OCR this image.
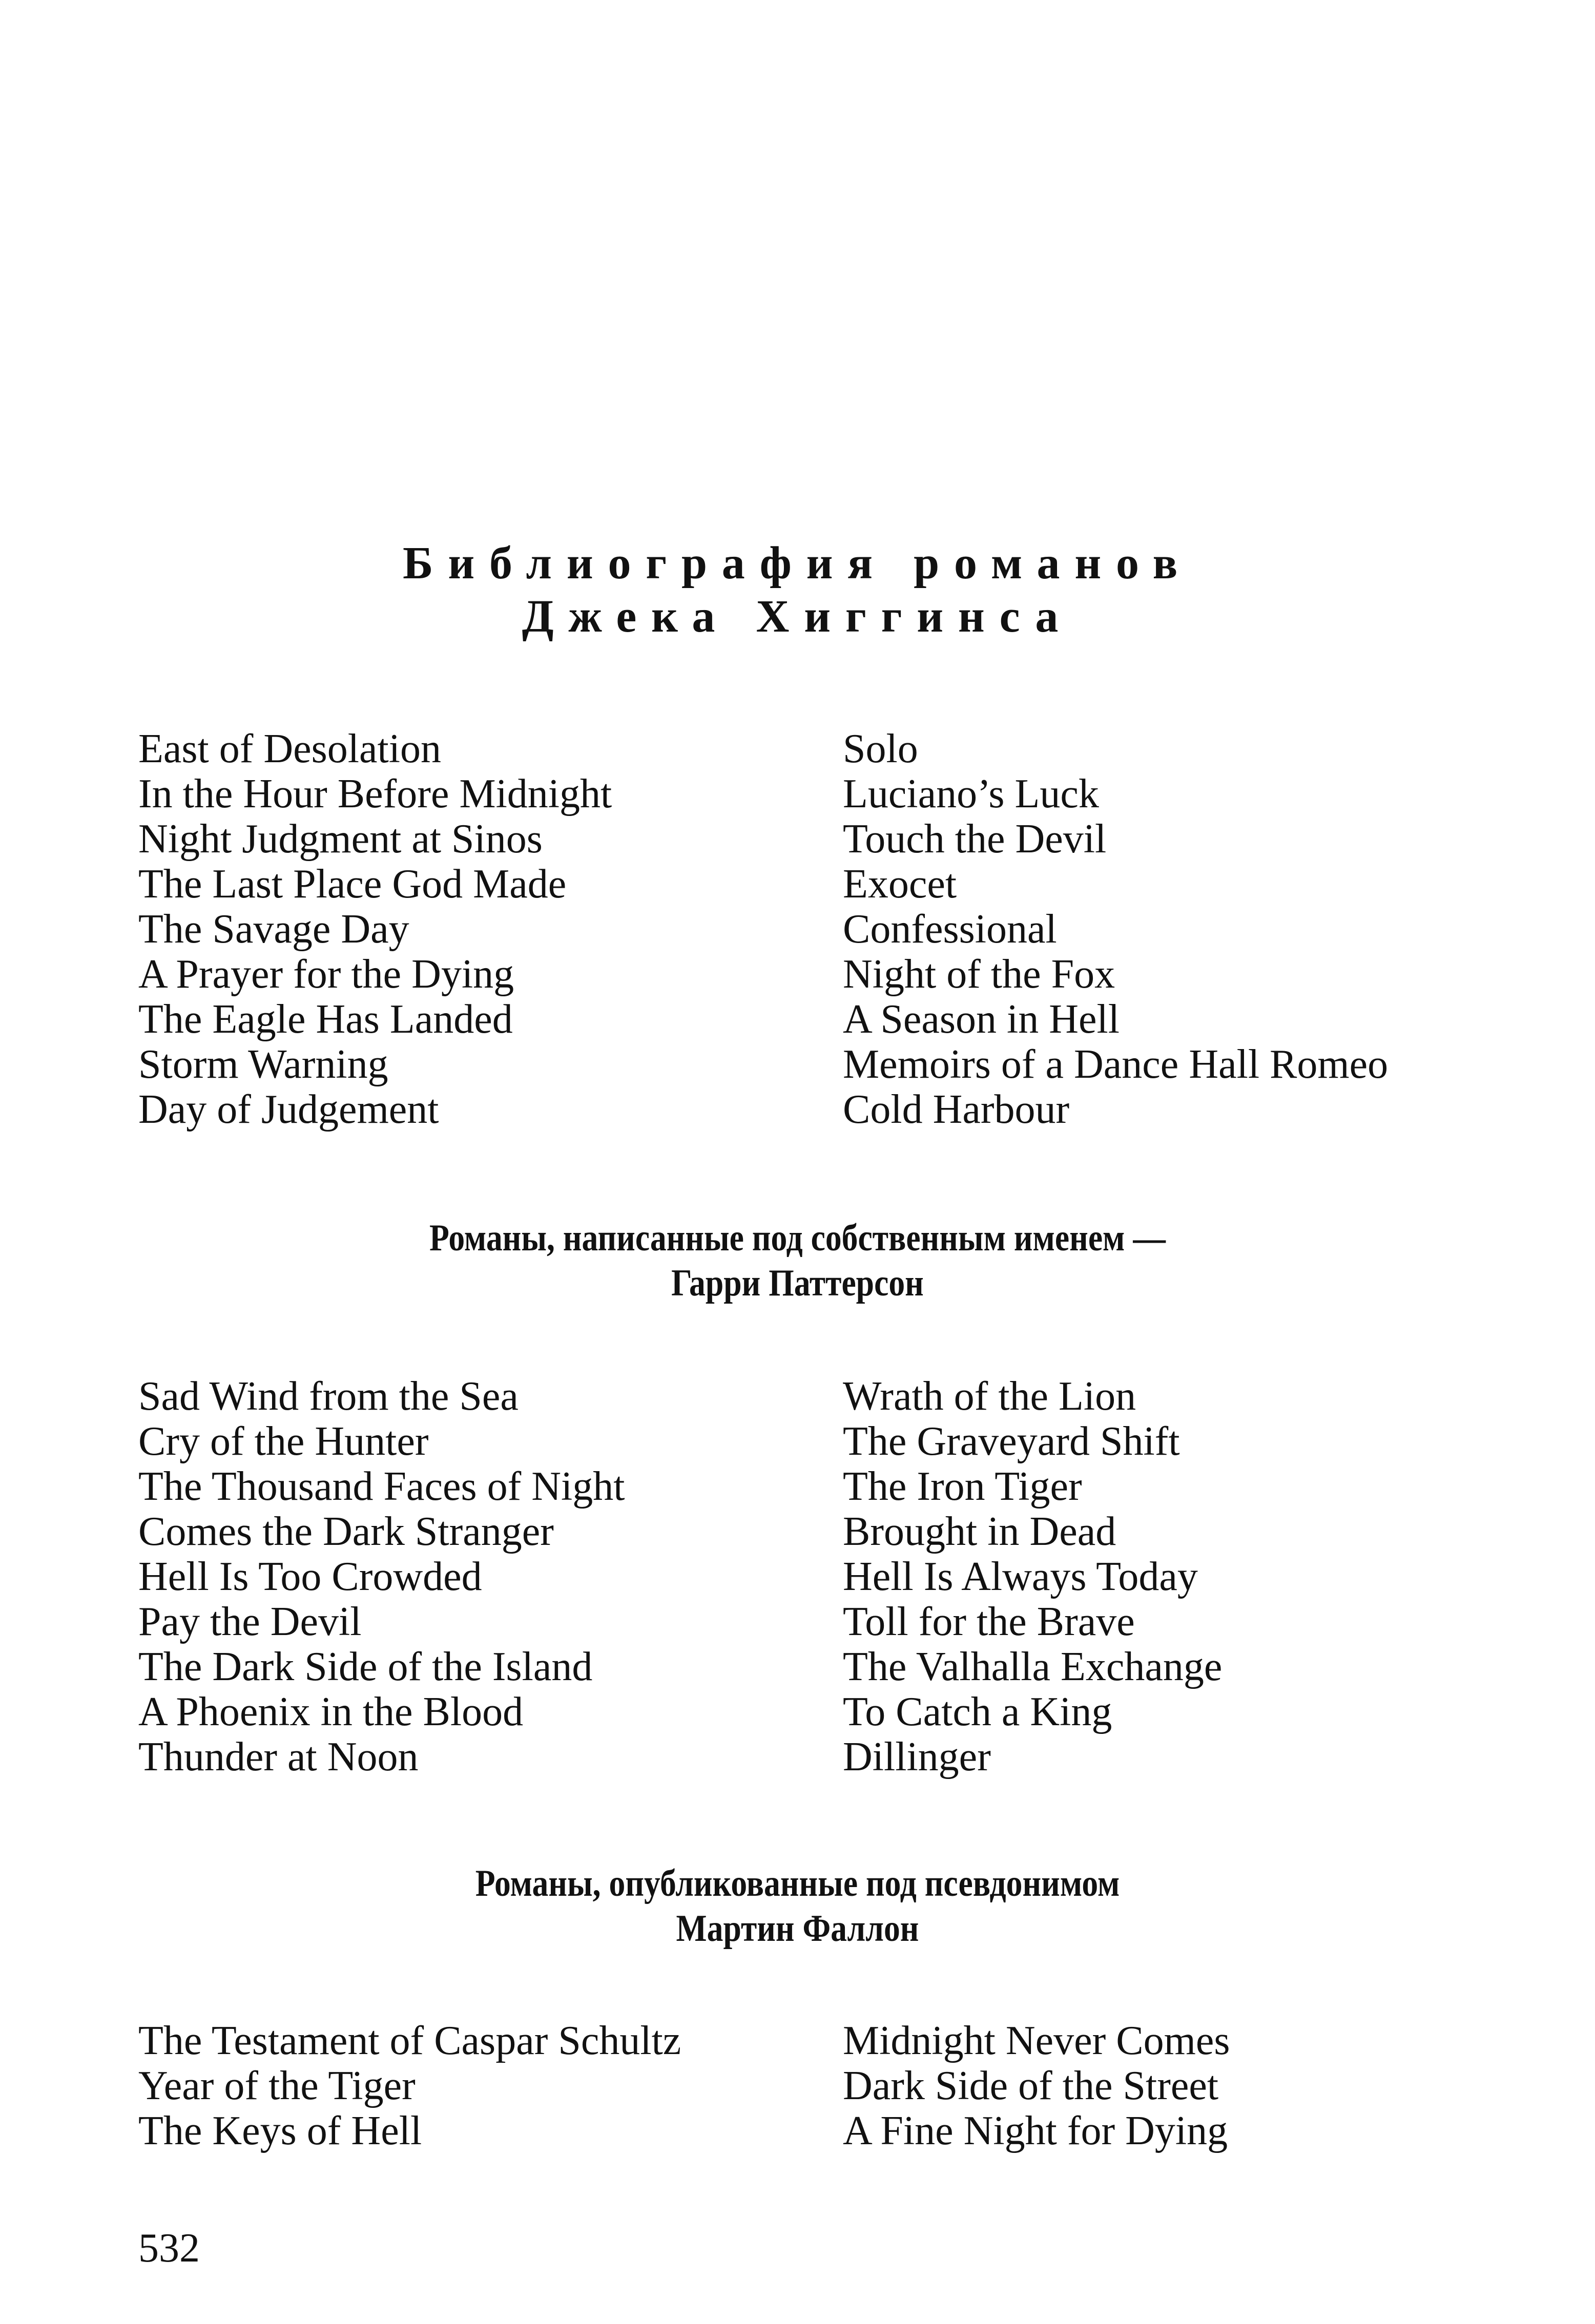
Библиография романов
Джека Хиггинса
East of Desolation
In the Hour Before Midnight
Night Judgment at Sinos
The Last Place God Made
The Savage Day
A Prayer for the Dying
The Eagle Has Landed
Storm Warning
Day of Judgement
Solo
Luciano’s Luck
Touch the Devil
Exocet
Confessional
Night of the Fox
A Season in Hell
Memoirs of a Dance Hall Romeo
Cold Harbour
Романы, написанные под собственным именем —
Гарри Паттерсон
Sad Wind from the Sea
Cry of the Hunter
The Thousand Faces of Night
Comes the Dark Stranger
Hell Is Too Crowded
Pay the Devil
The Dark Side of the Island
A Phoenix in the Blood
Thunder at Noon
Wrath of the Lion
The Graveyard Shift
The Iron Tiger
Brought in Dead
Hell Is Always Today
Toll for the Brave
The Valhalla Exchange
To Catch a King
Dillinger
Романы, опубликованные под псевдонимом
Мартин Фаллон
The Testament of Caspar Schultz
Year of the Tiger
The Keys of Hell
Midnight Never Comes
Dark Side of the Street
A Fine Night for Dying
532
